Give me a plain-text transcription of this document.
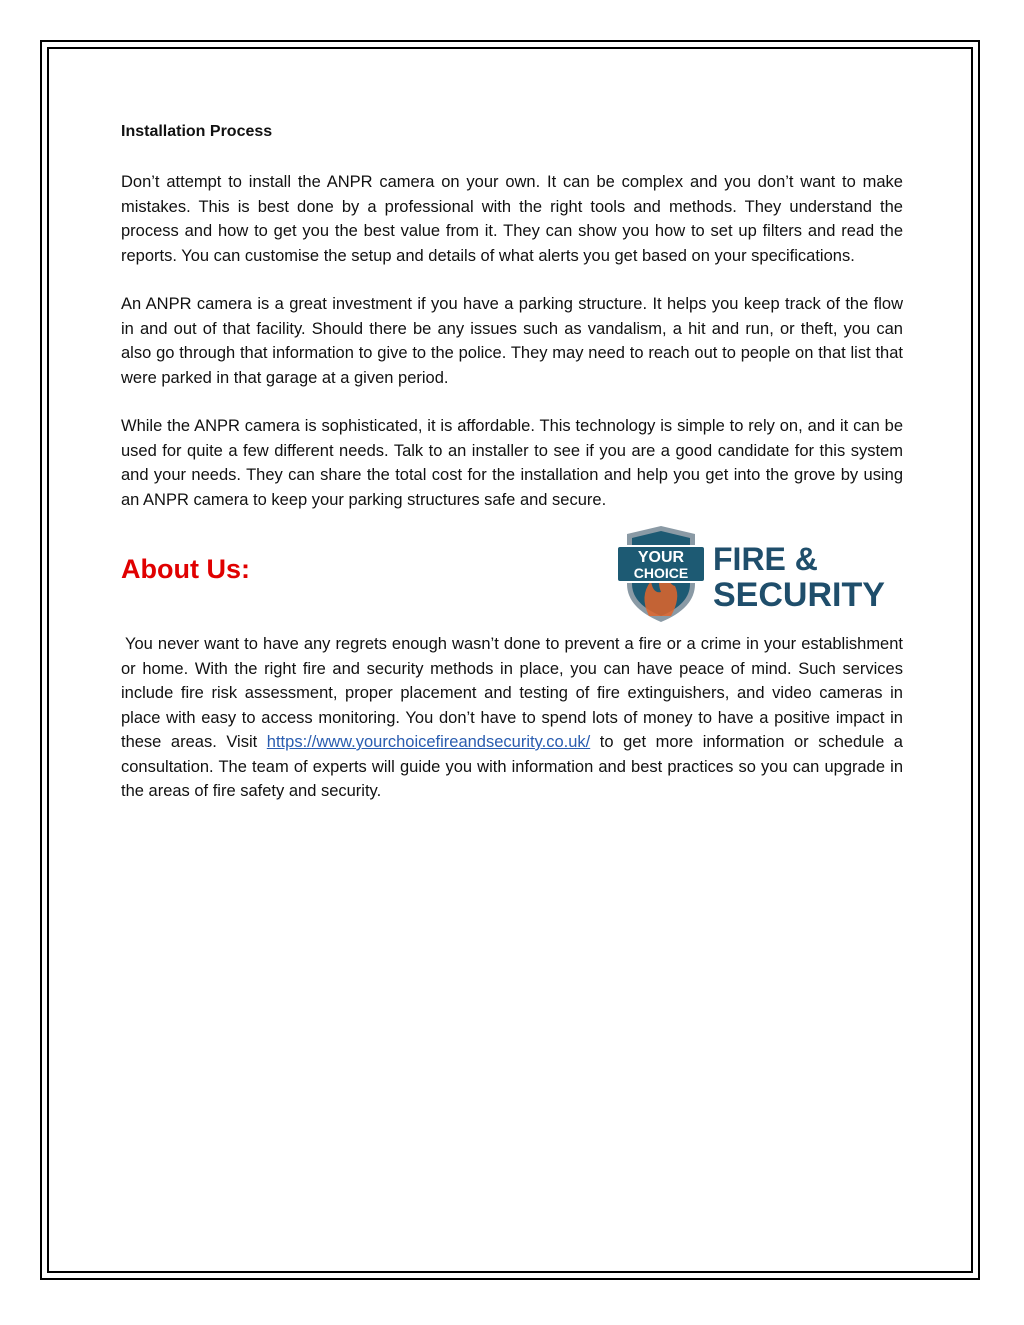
Installation Process

Don’t attempt to install the ANPR camera on your own. It can be complex and you don’t want to make mistakes. This is best done by a professional with the right tools and methods. They understand the process and how to get you the best value from it. They can show you how to set up filters and read the reports. You can customise the setup and details of what alerts you get based on your specifications.

An ANPR camera is a great investment if you have a parking structure. It helps you keep track of the flow in and out of that facility. Should there be any issues such as vandalism, a hit and run, or theft, you can also go through that information to give to the police. They may need to reach out to people on that list that were parked in that garage at a given period.

While the ANPR camera is sophisticated, it is affordable. This technology is simple to rely on, and it can be used for quite a few different needs. Talk to an installer to see if you are a good candidate for this system and your needs. They can share the total cost for the installation and help you get into the grove by using an ANPR camera to keep your parking structures safe and secure.

About Us:	YOUR
CHOICE FIRE &
SECURITY

You never want to have any regrets enough wasn’t done to prevent a fire or a crime in your establishment or home. With the right fire and security methods in place, you can have peace of mind. Such services include fire risk assessment, proper placement and testing of fire extinguishers, and video cameras in place with easy to access monitoring. You don’t have to spend lots of money to have a positive impact in these areas. Visit https://www.yourchoicefireandsecurity.co.uk/ to get more information or schedule a consultation. The team of experts will guide you with information and best practices so you can upgrade in the areas of fire safety and security.
